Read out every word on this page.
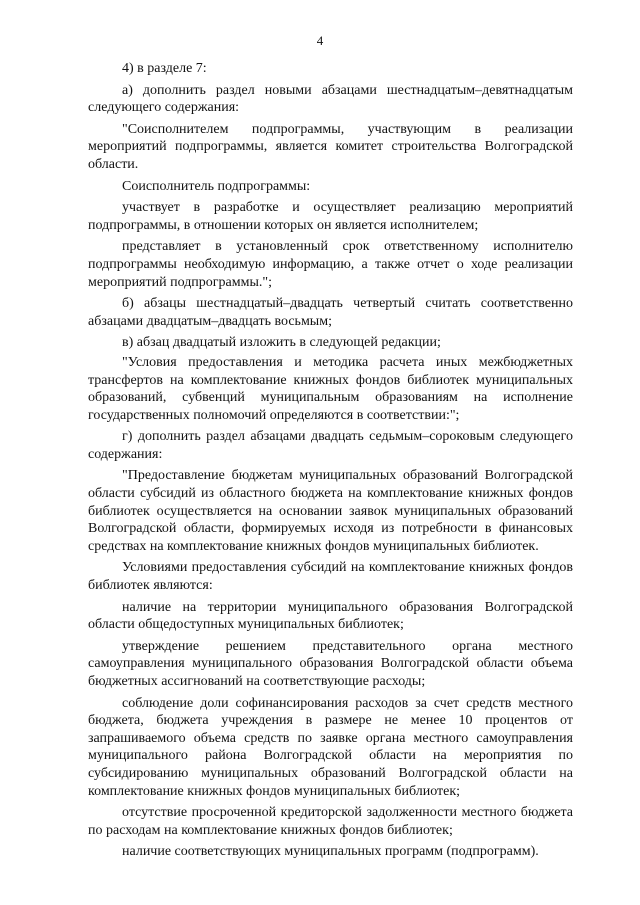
4

4) в разделе 7:

а) дополнить раздел новыми абзацами шестнадцатым–девятнадцатым следующего содержания:

"Соисполнителем подпрограммы, участвующим в реализации мероприятий подпрограммы, является комитет строительства Волгоградской области.

Соисполнитель подпрограммы:

участвует в разработке и осуществляет реализацию мероприятий подпрограммы, в отношении которых он является исполнителем;

представляет в установленный срок ответственному исполнителю подпрограммы необходимую информацию, а также отчет о ходе реализации мероприятий подпрограммы.";

б) абзацы шестнадцатый–двадцать четвертый считать соответственно абзацами двадцатым–двадцать восьмым;

в) абзац двадцатый изложить в следующей редакции;

"Условия предоставления и методика расчета иных межбюджетных трансфертов на комплектование книжных фондов библиотек муниципальных образований, субвенций муниципальным образованиям на исполнение государственных полномочий определяются в соответствии:";

г) дополнить раздел абзацами двадцать седьмым–сороковым следующего содержания:

"Предоставление бюджетам муниципальных образований Волгоградской области субсидий из областного бюджета на комплектование книжных фондов библиотек осуществляется на основании заявок муниципальных образований Волгоградской области, формируемых исходя из потребности в финансовых средствах на комплектование книжных фондов муниципальных библиотек.

Условиями предоставления субсидий на комплектование книжных фондов библиотек являются:

наличие на территории муниципального образования Волгоградской области общедоступных муниципальных библиотек;

утверждение решением представительного органа местного самоуправления муниципального образования Волгоградской области объема бюджетных ассигнований на соответствующие расходы;

соблюдение доли софинансирования расходов за счет средств местного бюджета, бюджета учреждения в размере не менее 10 процентов от запрашиваемого объема средств по заявке органа местного самоуправления муниципального района Волгоградской области на мероприятия по субсидированию муниципальных образований Волгоградской области на комплектование книжных фондов муниципальных библиотек;

отсутствие просроченной кредиторской задолженности местного бюджета по расходам на комплектование книжных фондов библиотек;

наличие соответствующих муниципальных программ (подпрограмм).
